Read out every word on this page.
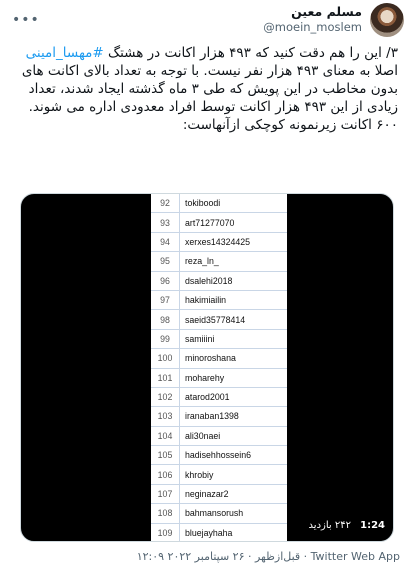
•••
مسلم معین
@moein_moslem
۳/ این را هم دقت کنید که ۴۹۳ هزار اکانت در هشتگ #مهسا_امینی اصلا به معنای ۴۹۳ هزار نفر نیست. با توجه به تعداد بالای اکانت های بدون مخاطب در این پویش که طی ۳ ماه گذشته ایجاد شدند، تعداد زیادی از این ۴۹۳ هزار اکانت توسط افراد معدودی اداره می شوند. ۶۰۰ اکانت زیرنمونه کوچکی ازآنهاست:
92	tokiboodi
93	art71277070
94	xerxes14324425
95	reza_ln_
96	dsalehi2018
97	hakimiailin
98	saeid35778414
99	samiiini
100	minoroshana
101	moharehy
102	atarod2001
103	iranaban1398
104	ali30naei
105	hadisehhossein6
106	khrobiy
107	neginazar2
108	bahmansorush
109	bluejayhaha
۲۴۲ بازدید 1:24
۱۲:۰۹ قبل‌ازظهر · ۲۶ سپتامبر ۲۰۲۲ · Twitter Web App
